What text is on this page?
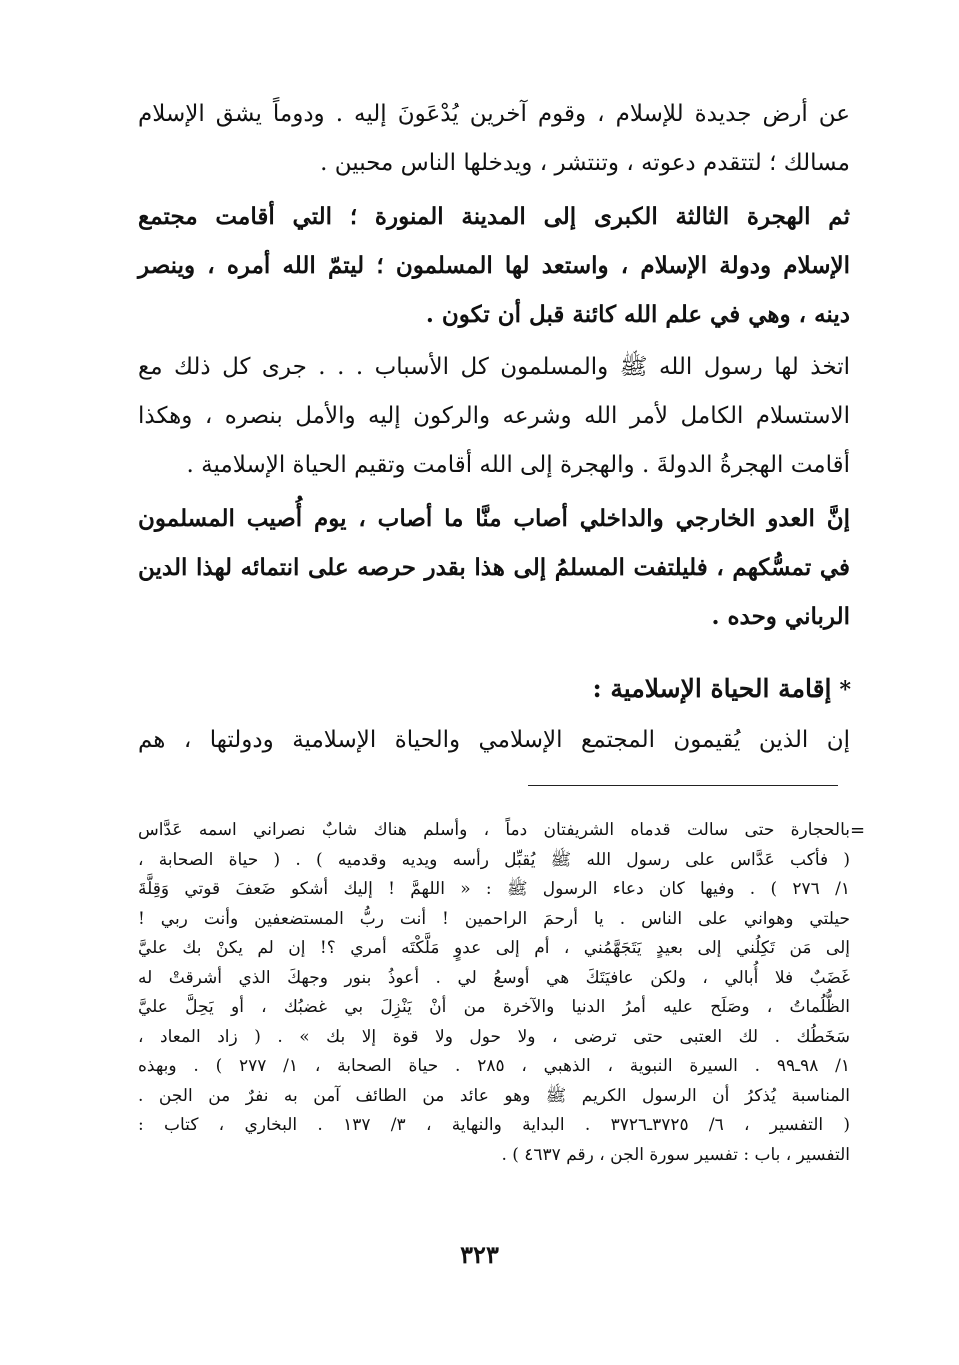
عن أرض جديدة للإسلام ، وقوم آخرين يُدْعَونَ إليه . ودوماً يشق الإسلام
مسالك ؛ لتتقدم دعوته ، وتنتشر ، ويدخلها الناس محبين .
ثم الهجرة الثالثة الكبرى إلى المدينة المنورة ؛ التي أقامت مجتمع
الإسلام ودولة الإسلام ، واستعد لها المسلمون ؛ ليتمّ الله أمره ، وينصر
دينه ، وهي في علم الله كائنة قبل أن تكون .
اتخذ لها رسول الله ﷺ والمسلمون كل الأسباب . . . جرى كل ذلك مع
الاستسلام الكامل لأمر الله وشرعه والركون إليه والأمل بنصره ، وهكذا
أقامت الهجرةُ الدولةَ . والهجرة إلى الله أقامت وتقيم الحياة الإسلامية .
إنَّ العدو الخارجي والداخلي أصاب منَّا ما أصاب ، يوم أُصيب المسلمون
في تمسُّكهم ، فليلتفت المسلمُ إلى هذا بقدر حرصه على انتمائه لهذا الدين
الرباني وحده .
*إقامة الحياة الإسلامية :
إن الذين يُقيمون المجتمع الإسلامي والحياة الإسلامية ودولتها ، هم
=
بالحجارة حتى سالت قدماه الشريفتان دماً ، وأسلم هناك شابٌ نصراني اسمه عَدَّاس
( فأكب عَدَّاس على رسول الله ﷺ يُقبِّل رأسه ويديه وقدميه ) . ( حياة الصحابة ،
١/ ٢٧٦ ) . وفيها كان دعاء الرسول ﷺ : « اللهمَّ ! إليك أشكو ضَعفَ قوتي وَقِلَّةَ
حيلتي وهواني على الناس . يا أرحمَ الراحمين ! أنت ربُّ المستضعفين وأنت ربي !
إلى مَن تَكِلُني إلى بعيدٍ يَتَجَهَّمُني ، أم إلى عدوٍ مَلَّكْتَه أمري ؟! إن لم يكنْ بك عليَّ
غَضَبٌ فلا أُبالي ، ولكن عافيَتَكَ هي أوسعُ لي . أعوذُ بنور وجهكَ الذي أشرقتْ له
الظُّلُماتُ ، وصَلَح عليه أمرُ الدنيا والآخرة من أنْ يَنْزِلَ بي غضبُك ، أو يَحِلَّ عليَّ
سَخَطُك . لك العتبى حتى ترضى ، ولا حول ولا قوة إلا بك » . ( زاد المعاد ،
١/ ٩٨ـ٩٩ . السيرة النبوية ، الذهبي ، ٢٨٥ . حياة الصحابة ، ١/ ٢٧٧ ) . وبهذه
المناسبة يُذكرُ أن الرسول الكريم ﷺ وهو عائد من الطائف آمن به نفرٌ من الجن .
( التفسير ، ٦/ ٣٧٢٥ـ٣٧٢٦ . البداية والنهاية ، ٣/ ١٣٧ . البخاري ، كتاب :
التفسير ، باب : تفسير سورة الجن ، رقم ٤٦٣٧ ) .
٣٢٣
